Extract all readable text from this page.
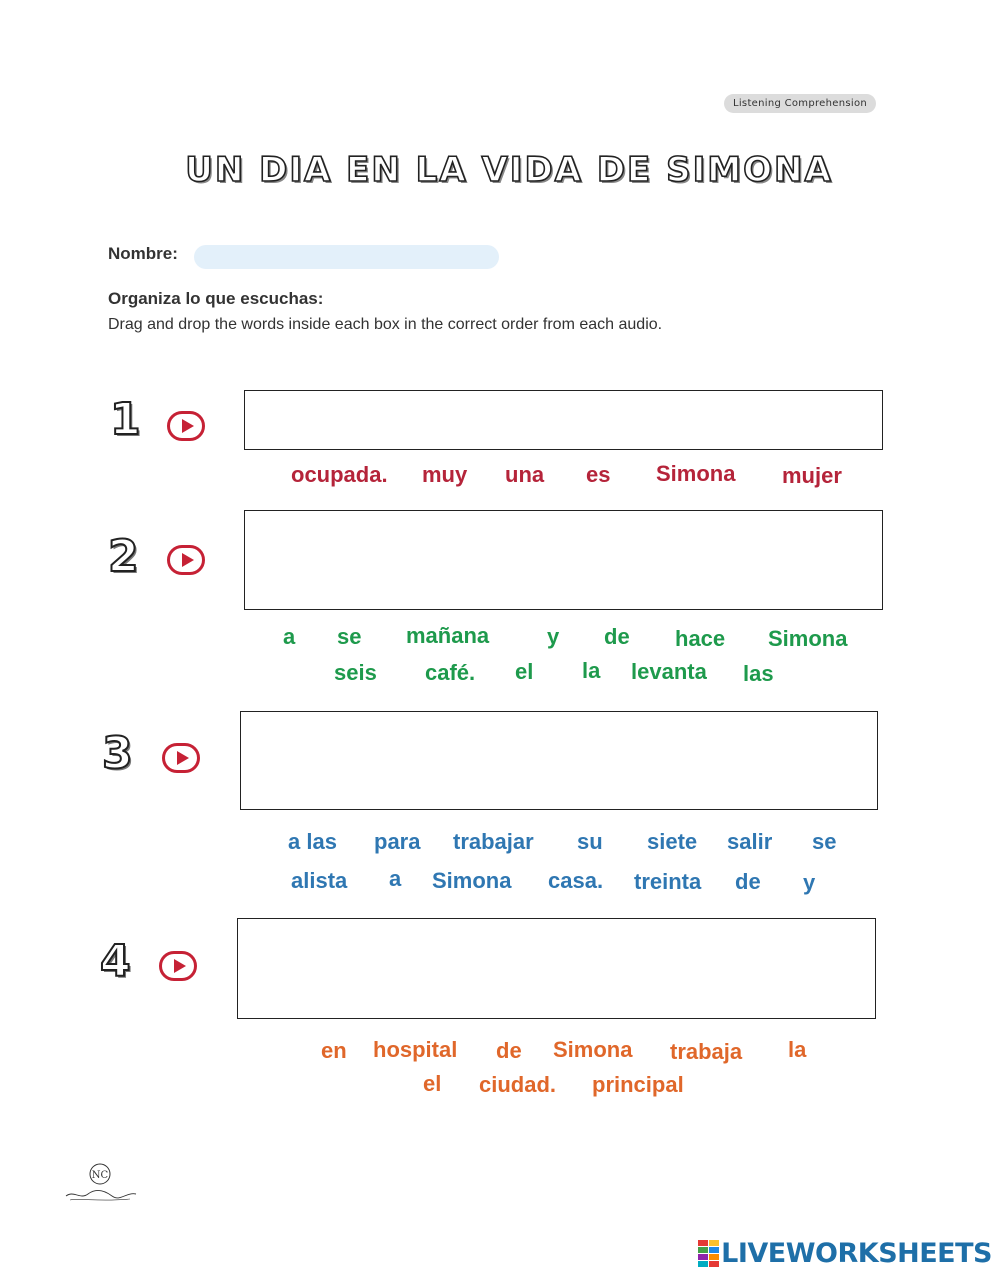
Listening Comprehension
UN DIA EN LA VIDA DE SIMONA
Nombre:
Organiza lo que escuchas:
Drag and drop the words inside each box in the correct order from each audio.
1
ocupada. muy una es Simona mujer
2
a se mañana	y de hace Simona
seis café. el la levanta las
3
a las para trabajar su siete salir se
alista a Simona casa. treinta de y
4
en hospital de Simona trabaja la
el ciudad. principal
NC
LIVEWORKSHEETS
